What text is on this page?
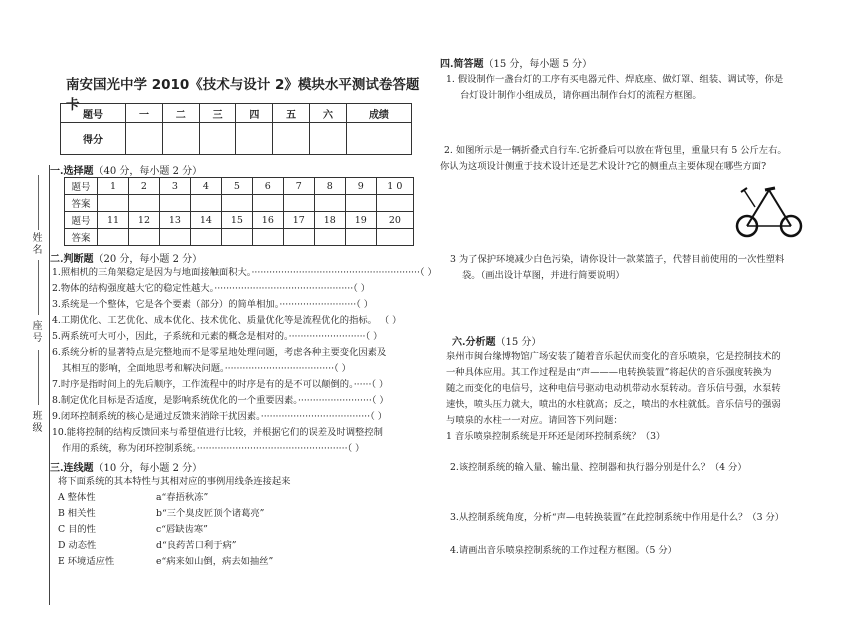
姓名
座号
班级
南安国光中学 2010《技术与设计 2》模块水平测试卷答题卡
题号	一	二	三	四	五	六	成绩
得分							
一.选择题（40 分，每小题 2 分）
题号	1	2	3	4	5	6	7	8	9	1 0
答案										
题号	11	12	13	14	15	16	17	18	19	20
答案										
二.判断题（20 分，每小题 2 分）
1.照相机的三角架稳定是因为与地面接触面积大。·························································（ ）
2.物体的结构强度越大它的稳定性越大。···············································（ ）
3.系统是一个整体，它是各个要素（部分）的简单相加。··························（ ）
4.工期优化、工艺优化、成本优化、技术优化、质量优化等是流程优化的指标。 （ ）
5.两系统可大可小，因此，子系统和元素的概念是相对的。··························（ ）
6.系统分析的显著特点是完整地而不是零星地处理问题，考虑各种主要变化因素及
其相互的影响，全面地思考和解决问题。·····································（ ）
7.时序是指时间上的先后顺序，工作流程中的时序是有的是不可以颠倒的。······（ ）
8.制定优化目标是否适度，是影响系统优化的一个重要因素。·························（ ）
9.闭环控制系统的核心是通过反馈来消除干扰因素。·····································（ ）
10.能将控制的结构反馈回来与希望值进行比较，并根据它们的误差及时调整控制
作用的系统，称为闭环控制系统。···················································（ ）
三.连线题（10 分，每小题 2 分）
将下面系统的其本特性与其相对应的事例用线条连接起来
A 整体性
B 相关性
C 目的性
D 动态性
E 环境适应性
a“春捂秋冻”
b“三个臭皮匠顶个诸葛亮”
c“唇缺齿寒”
d“良药苦口利于病”
e“病来如山倒，病去如抽丝”
四.简答题（15 分，每小题 5 分）
1. 假设制作一盏台灯的工序有买电器元件、焊底座、做灯罩、组装、调试等，你是
台灯设计制作小组成员，请你画出制作台灯的流程方框图。
2. 如图所示是一辆折叠式自行车.它折叠后可以放在背包里，重量只有 5 公斤左右。
你认为这项设计侧重于技术设计还是艺术设计?它的侧重点主要体现在哪些方面?
3 为了保护环境减少白色污染，请你设计一款菜篮子，代替目前使用的一次性塑料
袋。（画出设计草图，并进行简要说明）
六.分析题（15 分）
泉州市闽台缘博物馆广场安装了随着音乐起伏而变化的音乐喷泉，它是控制技术的
一种具体应用。其工作过程是由“声———电转换装置”将起伏的音乐强度转换为
随之而变化的电信号，这种电信号驱动电动机带动水泵转动。音乐信号强，水泵转
速快，喷头压力就大，喷出的水柱就高；反之，喷出的水柱就低。音乐信号的强弱
与喷泉的水柱一一对应。请回答下列问题：
1 音乐喷泉控制系统是开环还是闭环控制系统？（3）
2.该控制系统的输入量、输出量、控制器和执行器分别是什么？（4 分）
3.从控制系统角度，分析“声—电转换装置”在此控制系统中作用是什么？（3 分）
4.请画出音乐喷泉控制系统的工作过程方框图。（5 分）
